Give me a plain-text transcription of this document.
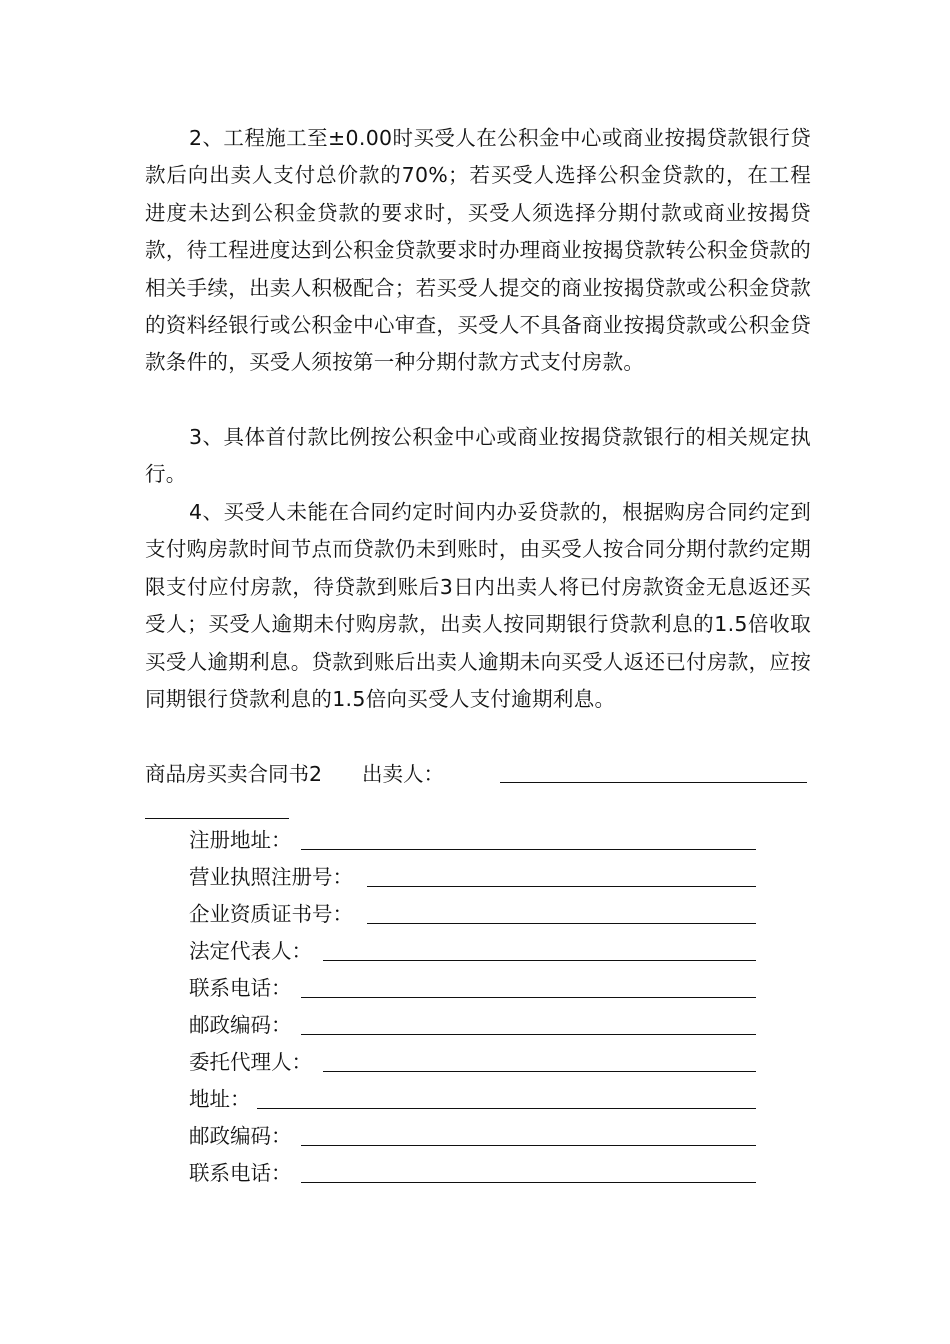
2、工程施工至±0.00时买受人在公积金中心或商业按揭贷款银行贷款后向出卖人支付总价款的70%；若买受人选择公积金贷款的，在工程进度未达到公积金贷款的要求时，买受人须选择分期付款或商业按揭贷款，待工程进度达到公积金贷款要求时办理商业按揭贷款转公积金贷款的相关手续，出卖人积极配合；若买受人提交的商业按揭贷款或公积金贷款的资料经银行或公积金中心审查，买受人不具备商业按揭贷款或公积金贷款条件的，买受人须按第一种分期付款方式支付房款。

3、具体首付款比例按公积金中心或商业按揭贷款银行的相关规定执行。

4、买受人未能在合同约定时间内办妥贷款的，根据购房合同约定到支付购房款时间节点而贷款仍未到账时，由买受人按合同分期付款约定期限支付应付房款，待贷款到账后3日内出卖人将已付房款资金无息返还买受人；买受人逾期未付购房款，出卖人按同期银行贷款利息的1.5倍收取买受人逾期利息。贷款到账后出卖人逾期未向买受人返还已付房款，应按同期银行贷款利息的1.5倍向买受人支付逾期利息。

商品房买卖合同书2 出卖人：
注册地址：
营业执照注册号：
企业资质证书号：
法定代表人：
联系电话：
邮政编码：
委托代理人：
地址：
邮政编码：
联系电话：
